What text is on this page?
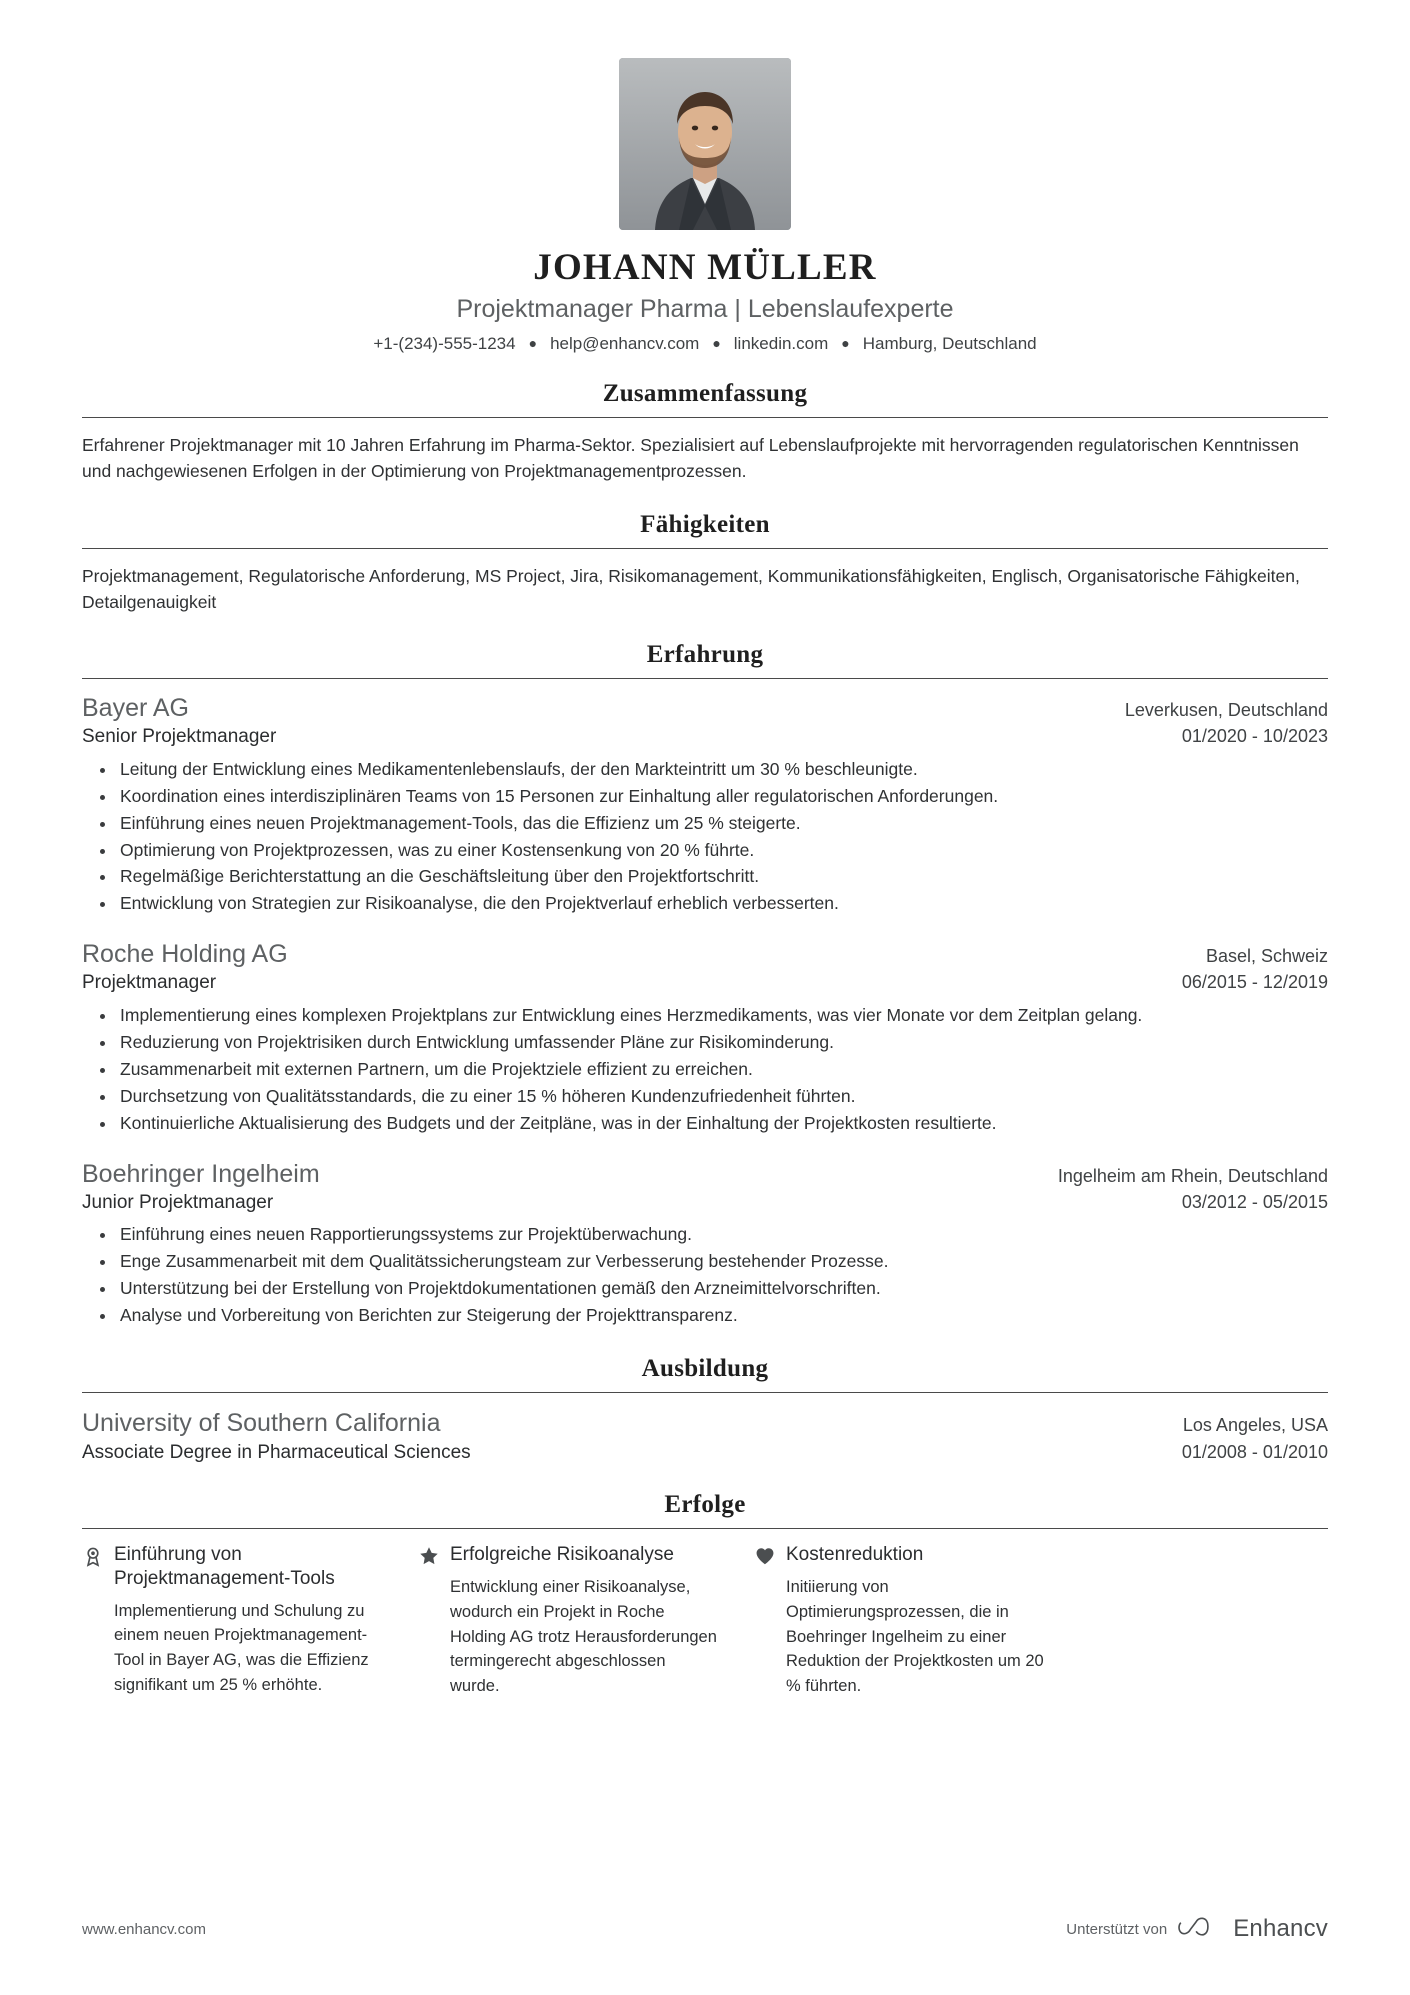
JOHANN MÜLLER
Projektmanager Pharma | Lebenslaufexperte
+1-(234)-555-1234 ● help@enhancv.com ● linkedin.com ● Hamburg, Deutschland
Zusammenfassung
Erfahrener Projektmanager mit 10 Jahren Erfahrung im Pharma-Sektor. Spezialisiert auf Lebenslaufprojekte mit hervorragenden regulatorischen Kenntnissen und nachgewiesenen Erfolgen in der Optimierung von Projektmanagementprozessen.
Fähigkeiten
Projektmanagement, Regulatorische Anforderung, MS Project, Jira, Risikomanagement, Kommunikationsfähigkeiten, Englisch, Organisatorische Fähigkeiten, Detailgenauigkeit
Erfahrung
Bayer AG	Leverkusen, Deutschland
Senior Projektmanager	01/2020 - 10/2023
Leitung der Entwicklung eines Medikamentenlebenslaufs, der den Markteintritt um 30 % beschleunigte.
Koordination eines interdisziplinären Teams von 15 Personen zur Einhaltung aller regulatorischen Anforderungen.
Einführung eines neuen Projektmanagement-Tools, das die Effizienz um 25 % steigerte.
Optimierung von Projektprozessen, was zu einer Kostensenkung von 20 % führte.
Regelmäßige Berichterstattung an die Geschäftsleitung über den Projektfortschritt.
Entwicklung von Strategien zur Risikoanalyse, die den Projektverlauf erheblich verbesserten.
Roche Holding AG	Basel, Schweiz
Projektmanager	06/2015 - 12/2019
Implementierung eines komplexen Projektplans zur Entwicklung eines Herzmedikaments, was vier Monate vor dem Zeitplan gelang.
Reduzierung von Projektrisiken durch Entwicklung umfassender Pläne zur Risikominderung.
Zusammenarbeit mit externen Partnern, um die Projektziele effizient zu erreichen.
Durchsetzung von Qualitätsstandards, die zu einer 15 % höheren Kundenzufriedenheit führten.
Kontinuierliche Aktualisierung des Budgets und der Zeitpläne, was in der Einhaltung der Projektkosten resultierte.
Boehringer Ingelheim	Ingelheim am Rhein, Deutschland
Junior Projektmanager	03/2012 - 05/2015
Einführung eines neuen Rapportierungssystems zur Projektüberwachung.
Enge Zusammenarbeit mit dem Qualitätssicherungsteam zur Verbesserung bestehender Prozesse.
Unterstützung bei der Erstellung von Projektdokumentationen gemäß den Arzneimittelvorschriften.
Analyse und Vorbereitung von Berichten zur Steigerung der Projekttransparenz.
Ausbildung
University of Southern California	Los Angeles, USA
Associate Degree in Pharmaceutical Sciences	01/2008 - 01/2010
Erfolge
Einführung von Projektmanagement-Tools
Implementierung und Schulung zu einem neuen Projektmanagement-Tool in Bayer AG, was die Effizienz signifikant um 25 % erhöhte.
Erfolgreiche Risikoanalyse
Entwicklung einer Risikoanalyse, wodurch ein Projekt in Roche Holding AG trotz Herausforderungen termingerecht abgeschlossen wurde.
Kostenreduktion
Initiierung von Optimierungsprozessen, die in Boehringer Ingelheim zu einer Reduktion der Projektkosten um 20 % führten.
www.enhancv.com	Unterstützt von	Enhancv
